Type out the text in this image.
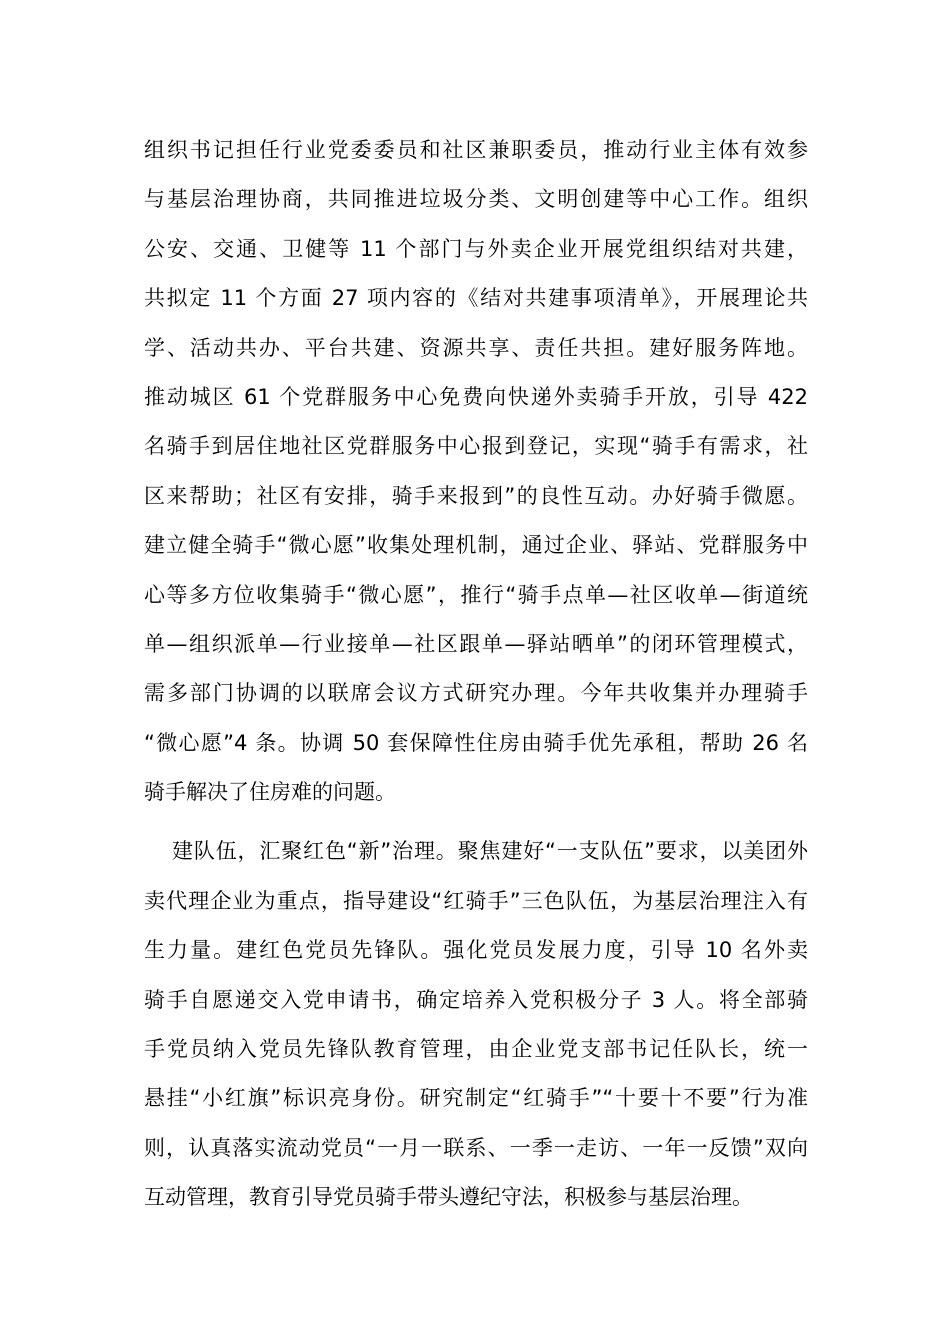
组织书记担任行业党委委员和社区兼职委员，推动行业主体有效参
与基层治理协商，共同推进垃圾分类、文明创建等中心工作。组织
公安、交通、卫健等 11 个部门与外卖企业开展党组织结对共建，
共拟定 11 个方面 27 项内容的《结对共建事项清单》，开展理论共
学、活动共办、平台共建、资源共享、责任共担。建好服务阵地。
推动城区 61 个党群服务中心免费向快递外卖骑手开放，引导 422
名骑手到居住地社区党群服务中心报到登记，实现“骑手有需求，社
区来帮助；社区有安排，骑手来报到”的良性互动。办好骑手微愿。
建立健全骑手“微心愿”收集处理机制，通过企业、驿站、党群服务中
心等多方位收集骑手“微心愿”，推行“骑手点单—社区收单—街道统
单—组织派单—行业接单—社区跟单—驿站晒单”的闭环管理模式，
需多部门协调的以联席会议方式研究办理。今年共收集并办理骑手
“微心愿”4 条。协调 50 套保障性住房由骑手优先承租，帮助 26 名
骑手解决了住房难的问题。
建队伍，汇聚红色“新”治理。聚焦建好“一支队伍”要求，以美团外
卖代理企业为重点，指导建设“红骑手”三色队伍，为基层治理注入有
生力量。建红色党员先锋队。强化党员发展力度，引导 10 名外卖
骑手自愿递交入党申请书，确定培养入党积极分子 3 人。将全部骑
手党员纳入党员先锋队教育管理，由企业党支部书记任队长，统一
悬挂“小红旗”标识亮身份。研究制定“红骑手”“十要十不要”行为准
则，认真落实流动党员“一月一联系、一季一走访、一年一反馈”双向
互动管理，教育引导党员骑手带头遵纪守法，积极参与基层治理。
